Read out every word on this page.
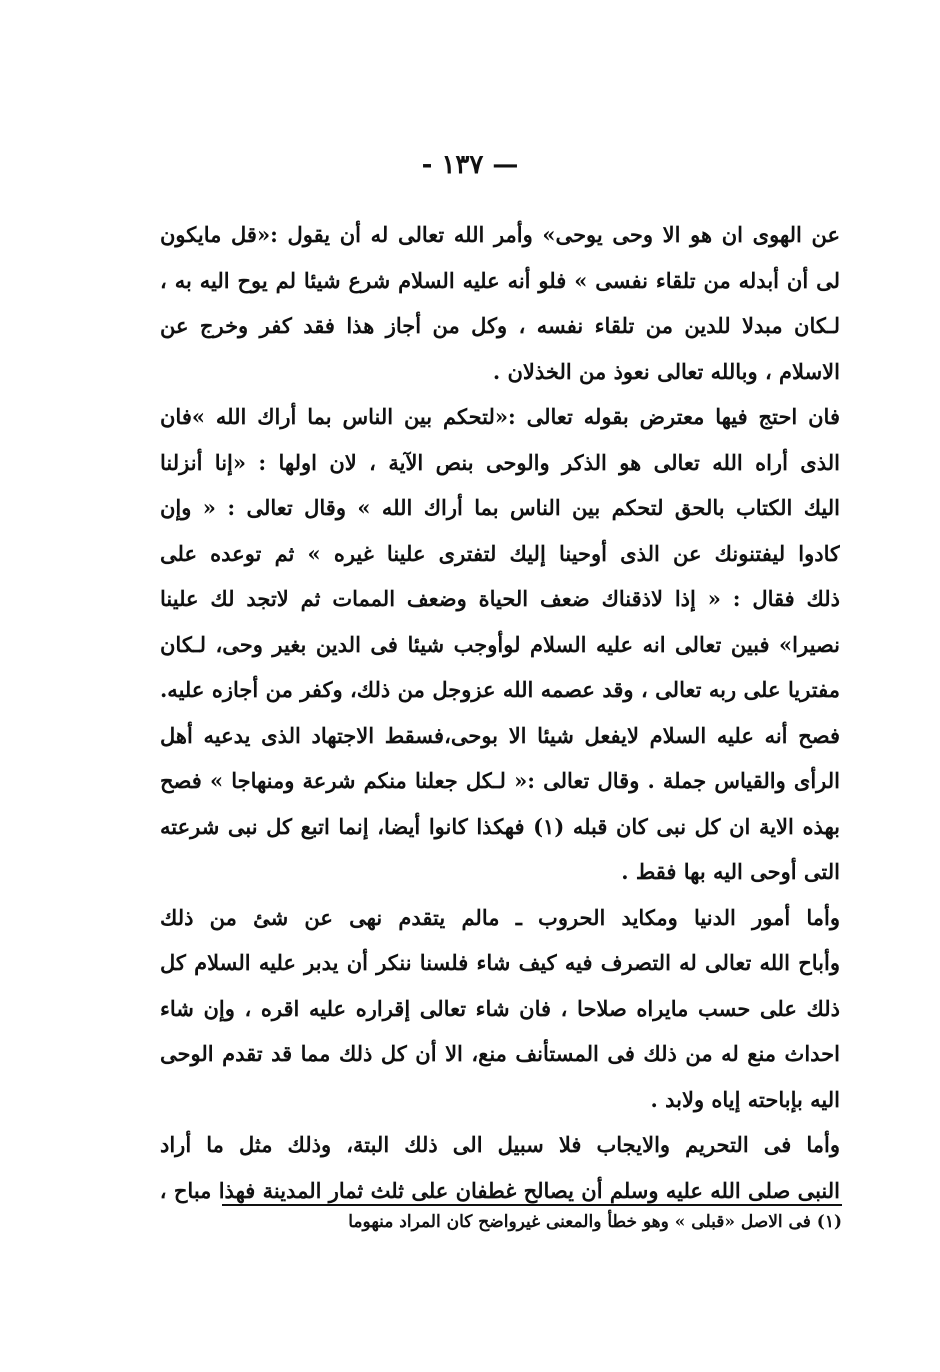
— ١٣٧ -
عن الهوى ان هو الا وحى يوحى» وأمر الله تعالى له أن يقول :«قل مايكون
لى أن أبدله من تلقاء نفسى » فلو أنه عليه السلام شرع شيئا لم يوح اليه به ،
لـكان مبدلا للدين من تلقاء نفسه ، وكل من أجاز هذا فقد كفر وخرج عن
الاسلام ، وبالله تعالى نعوذ من الخذلان .
فان احتج فيها معترض بقوله تعالى :«لتحكم بين الناس بما أراك الله »فان
الذى أراه الله تعالى هو الذكر والوحى بنص الآية ، لان اولها : «إنا أنزلنا
اليك الكتاب بالحق لتحكم بين الناس بما أراك الله » وقال تعالى : « وإن
كادوا ليفتنونك عن الذى أوحينا إليك لتفترى علينا غيره » ثم توعده على
ذلك فقال : « إذا لاذقناك ضعف الحياة وضعف الممات ثم لاتجد لك علينا
نصيرا» فبين تعالى انه عليه السلام لوأوجب شيئا فى الدين بغير وحى، لـكان
مفتريا على ربه تعالى ، وقد عصمه الله عزوجل من ذلك، وكفر من أجازه عليه.
فصح أنه عليه السلام لايفعل شيئا الا بوحى،فسقط الاجتهاد الذى يدعيه أهل
الرأى والقياس جملة . وقال تعالى :« لـكل جعلنا منكم شرعة ومنهاجا » فصح
بهذه الاية ان كل نبى كان قبله (١) فهكذا كانوا أيضا، إنما اتبع كل نبى شرعته
التى أوحى اليه بها فقط .
وأما أمور الدنيا ومكايد الحروب ـ مالم يتقدم نهى عن شئ من ذلك
وأباح الله تعالى له التصرف فيه كيف شاء فلسنا ننكر أن يدبر عليه السلام كل
ذلك على حسب مايراه صلاحا ، فان شاء تعالى إقراره عليه اقره ، وإن شاء
احداث منع له من ذلك فى المستأنف منع، الا أن كل ذلك مما قد تقدم الوحى
اليه بإباحته إياه ولابد .
وأما فى التحريم والايجاب فلا سبيل الى ذلك البتة، وذلك مثل ما أراد
النبى صلى الله عليه وسلم أن يصالح غطفان على ثلث ثمار المدينة فهذا مباح ،
(١) فى الاصل «قبلى » وهو خطأ والمعنى غيرواضح كان المراد منهوما
